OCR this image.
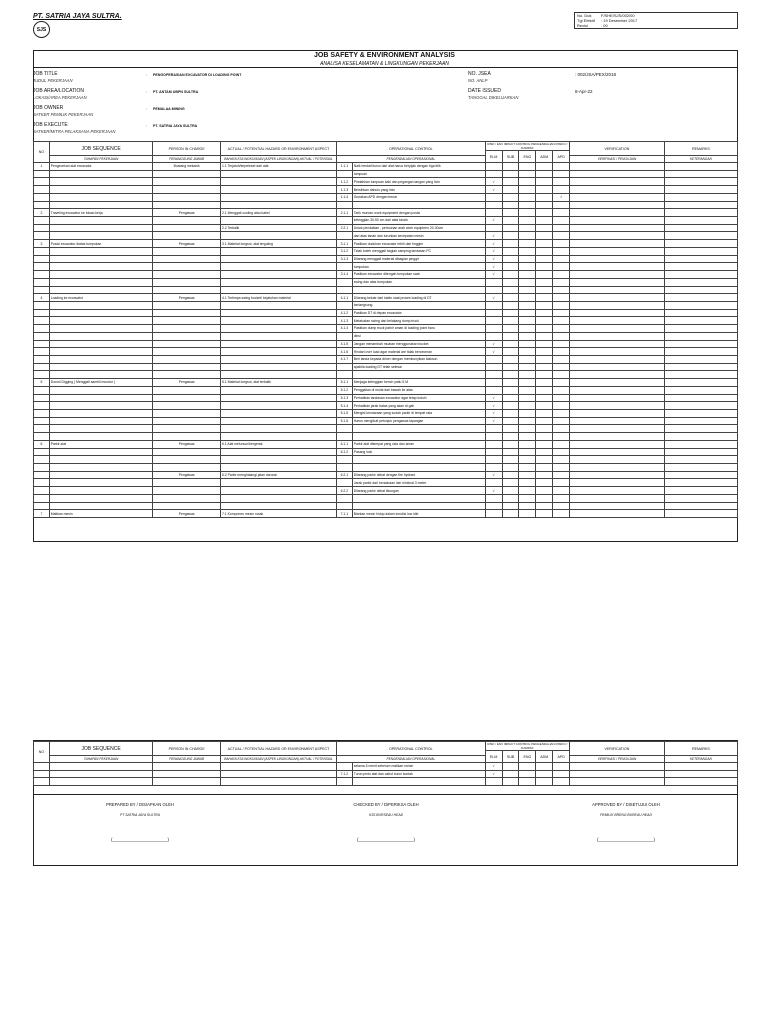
PT. SATRIA JAYA SULTRA.
SJS
No. Dok	F/SHE/SJS/002/00
Tgl Efektif	: 19 Desember 2017
Revisi	: 00
JOB SAFETY & ENVIRONMENT ANALYSIS
ANALISA KESELAMATAN & LINGKUNGAN PEKERJAAN
JOB TITLE
JUDUL PEKERJAAN
: PENGOPERASIAN EXCAVATOR DI LOADING POINT
JOB AREA/LOCATION
LOKASI/AREA PEKERJAAN
: PT. ANTAM UBPN SULTRA
JOB OWNER
SATKER PEMILIK PEKERJAAN
: PEMALAA MINING
JOB EXECUTE
SATKER/MITRA PELAKSANA PEKERJAAN
: PT. SATRIA JAYA SULTRA
NO. JSEA
NO. ANLP
: 002/JSA/PEX/2018
DATE ISSUED
TANGGAL DIKELUARKAN
8-Apr-22
NO	JOB SEQUENCE	PERSON IN CHARGE	ACTUAL / POTENTIAL HAZARD OR ENVIRONMENT ASPECT	OPERATIONAL CONTROL		RISK / ENV IMPACT CONTROL PENGENDALIAN RISIKO / DAMPAK					VERIFICATION	REMARKS
						ELM	SUB	ENG	ADM	APD		
	TAHAPAN PEKERJAAN	PENANGGUNG JAWAB	BAHAYA K3/LINGKUNGAN (ASPEK LINGKUNGAN) AKTUAL / POTENSIAL	PENGENDALIAN OPERASIONAL							VERIFIKASI / PENGUJIAN	KETERANGAN
1	Pengecekan alat excavator	Bustang mekanik	1.1 Terjatuh/terpeleset dari alat	1.1.1	Naik berdari/turun dari alat harus berpijak dengan tiga titik							
					tumpuan							
				1.1.2	Pindahkan tumpuan kaki dan pegangan tangan yang licin	√						
				1.1.3	Bersihkan dahulu yang licin	√						
				1.1.4	Gunakan APD dengan benar					√		

2	Traveling excavator ke lokasi kerja	Pengawas	2.1 Menggali cooling atau kabel	2.1.1	Tarik mundur work equipment dengan posisi							
					ketinggian 30-50 cm dari atas tanah	√						
			2.2 Terbalik	2.2.1	Untuk pendakian , pertuunan arah work equipmen 20-30cm							
					dari atas tanah dan turunkan kecepatan mesin	√						
3	Posisi excavator diatas tumpukan	Pengawas	3.1 Material longsor, alat terguling	3.1.1	Pastikan duduhan excavator lebih dari tingginr	√						
				3.1.2	Tidak boleh menggali bagian samping landasan PC	√						
				3.1.3	Dilarang menggali material dibagian pinggir	√						
					tumpukan	√						
				3.1.4	Pastikan excavator ditengah tumpukan saat	√						
					swing dan atas tumpukan							

4	Loading ke excavator	Pengawas	4.1 Tertimpa swing bucket/ kejatuhan material	4.1.1	Dilarang keluar dari kabin saat proses loading di DT	√						
					berlangsung							
				4.1.2	Pastikan DT di depan excavator							
				4.1.3	Melakukan swing dari belakang dump truck							
				4.1.4	Pastikan dump truck parkir aman di loading point baru							
					dinsi							
				4.1.5	Jangan menambah muatan menggunakan bucket	√						
				4.1.6	Hindari over load agar material are tidak berceceran	√						
				4.1.7	Beri tanda kepada driver dengan membunyikan klakson							
					apabila loading DT telah selesai							

5	Dorosl Digging ( Menggali sambil mundur )	Pengawas	5.1 Material longsor, alat terbalik	5.1.1	Menjaga ketinggian bench yaitu 5 M							
				5.1.2	Penggalian di mulai dari bawah ke atas							
				5.1.3	Perhatikan landasan excavator agar tetap kokoh	√						
				5.1.4	Perhatikan jarak batas yang akan di gali	√						
				5.1.5	Mengisi kendaraan yang sudah parkir di tempat rata	√						
				5.1.6	Harus mengikuti petunjuk pengawas lapangan	√						

6	Parkir alat	Pengawas	6.1 Alat meluncur/bergerak	6.1.1	Parkir alat ditempat yang rata dan aman							
				6.1.2	Pasang lock							

		Pengawas	6.2 Parkir menghalangi jalan darurat	6.2.1	Dilarang parkir dekat dengan fire hydrant	√						
					Jarak parkir dari kendaraan lain minimal 3 meter							
				6.2.2	Dilarang parkir dekat tikungan	√						

7	Matikan mesin	Pengawas	7.1 Komponen mesin rusak	7.1.1	Biarkan mesin hidup dalam kondisi low idle							
NO	JOB SEQUENCE	PERSON IN CHARGE	ACTUAL / POTENTIAL HAZARD OR ENVIRONMENT ASPECT	OPERATIONAL CONTROL		RISK / ENV IMPACT CONTROL PENGENDALIAN RISIKO / DAMPAK					VERIFICATION	REMARKS
						ELM	SUB	ENG	ADM	APD		
	TAHAPAN PEKERJAAN	PENANGGUNG JAWAB	BAHAYA K3/LINGKUNGAN (ASPEK LINGKUNGAN) AKTUAL / POTENSIAL	PENGENDALIAN OPERASIONAL							VERIFIKASI / PENGUJIAN	KETERANGAN
					selama 5 menit sebelum matikan mesin	√						
				7.1.2	Turun pintu alat dan cabut kunci kontak	√						

PREPARED BY / DISIAPKAN OLEH
PT SATRIA JAYA SULTRA
(______________________)
CHECKED BY / DIPERIKSA OLEH
K3S BURSEAU HEAD
(______________________)
APPROVED BY / DISETUJUI OLEH
PEMILIK BRENG BUREAU HEAD
(______________________)
